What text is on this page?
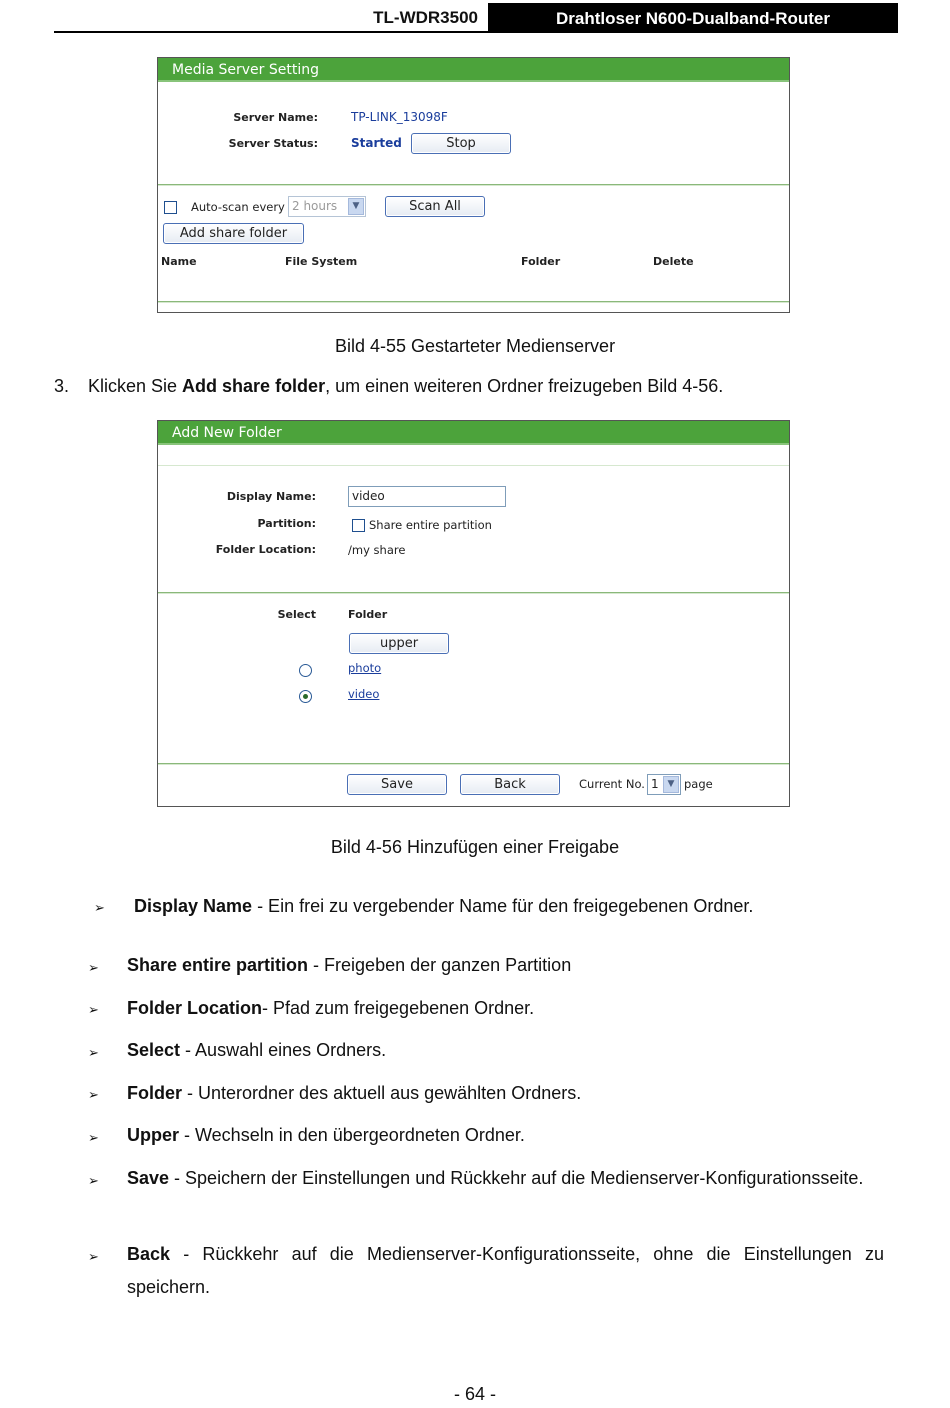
TL-WDR3500	Drahtloser N600-Dualband-Router
Media Server Setting
Server Name:	TP-LINK_13098F
Server Status:	Started	Stop
Auto-scan every 2 hours	▼	Scan All
Add share folder
Name	File System	Folder	Delete
Bild 4-55 Gestarteter Medienserver
3. Klicken Sie Add share folder, um einen weiteren Ordner freizugeben Bild 4-56.
Add New Folder
Display Name:	video
Partition:	Share entire partition
Folder Location:	/my share
Select	Folder
upper
photo
video
Save	Back	Current No. 1 ▼ page
Bild 4-56 Hinzufügen einer Freigabe
➢ Display Name - Ein frei zu vergebender Name für den freigegebenen Ordner.
➢ Share entire partition - Freigeben der ganzen Partition
➢ Folder Location- Pfad zum freigegebenen Ordner.
➢ Select - Auswahl eines Ordners.
➢ Folder - Unterordner des aktuell aus gewählten Ordners.
➢ Upper - Wechseln in den übergeordneten Ordner.
➢ Save - Speichern der Einstellungen und Rückkehr auf die Medienserver-Konfigurationsseite.
➢ Back - Rückkehr auf die Medienserver-Konfigurationsseite, ohne die Einstellungen zu speichern.
- 64 -
